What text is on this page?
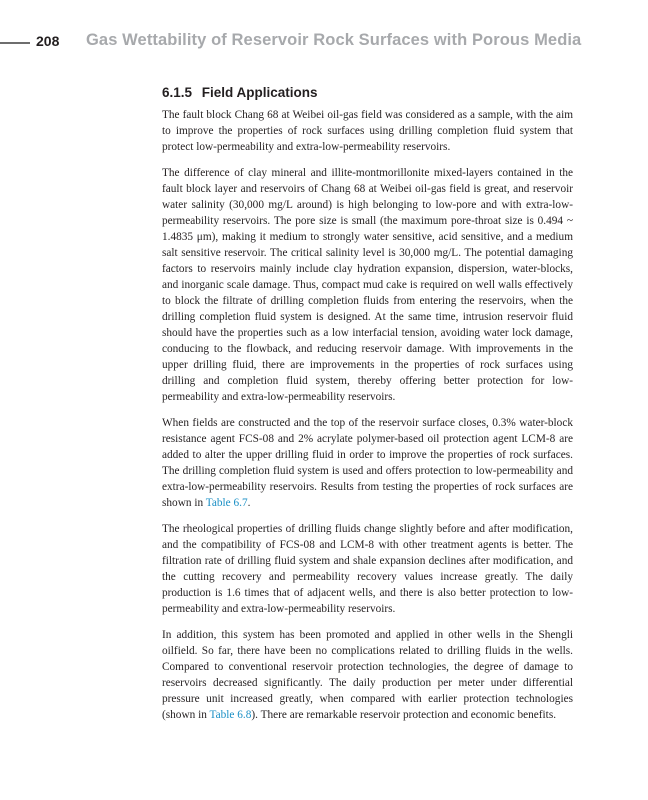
208 Gas Wettability of Reservoir Rock Surfaces with Porous Media
6.1.5 Field Applications

The fault block Chang 68 at Weibei oil-gas field was considered as a sample, with the aim to improve the properties of rock surfaces using drilling completion fluid system that protect low-permeability and extra-low-permeability reservoirs.

The difference of clay mineral and illite-montmorillonite mixed-layers contained in the fault block layer and reservoirs of Chang 68 at Weibei oil-gas field is great, and reservoir water salinity (30,000 mg/L around) is high belonging to low-pore and with extra-low-permeability reservoirs. The pore size is small (the maximum pore-throat size is 0.494 ~ 1.4835 μm), making it medium to strongly water sensitive, acid sensitive, and a medium salt sensitive reservoir. The critical salinity level is 30,000 mg/L. The potential damaging factors to reservoirs mainly include clay hydration expansion, dispersion, water-blocks, and inorganic scale damage. Thus, compact mud cake is required on well walls effectively to block the filtrate of drilling completion fluids from entering the reservoirs, when the drilling completion fluid system is designed. At the same time, intrusion reservoir fluid should have the properties such as a low interfacial tension, avoiding water lock damage, conducing to the flowback, and reducing reservoir damage. With improvements in the upper drilling fluid, there are improvements in the properties of rock surfaces using drilling and completion fluid system, thereby offering better protection for low-permeability and extra-low-permeability reservoirs.

When fields are constructed and the top of the reservoir surface closes, 0.3% water-block resistance agent FCS-08 and 2% acrylate polymer-based oil protection agent LCM-8 are added to alter the upper drilling fluid in order to improve the properties of rock surfaces. The drilling completion fluid system is used and offers protection to low-permeability and extra-low-permeability reservoirs. Results from testing the properties of rock surfaces are shown in Table 6.7.

The rheological properties of drilling fluids change slightly before and after modification, and the compatibility of FCS-08 and LCM-8 with other treatment agents is better. The filtration rate of drilling fluid system and shale expansion declines after modification, and the cutting recovery and permeability recovery values increase greatly. The daily production is 1.6 times that of adjacent wells, and there is also better protection to low-permeability and extra-low-permeability reservoirs.

In addition, this system has been promoted and applied in other wells in the Shengli oilfield. So far, there have been no complications related to drilling fluids in the wells. Compared to conventional reservoir protection technologies, the degree of damage to reservoirs decreased significantly. The daily production per meter under differential pressure unit increased greatly, when compared with earlier protection technologies (shown in Table 6.8). There are remarkable reservoir protection and economic benefits.
